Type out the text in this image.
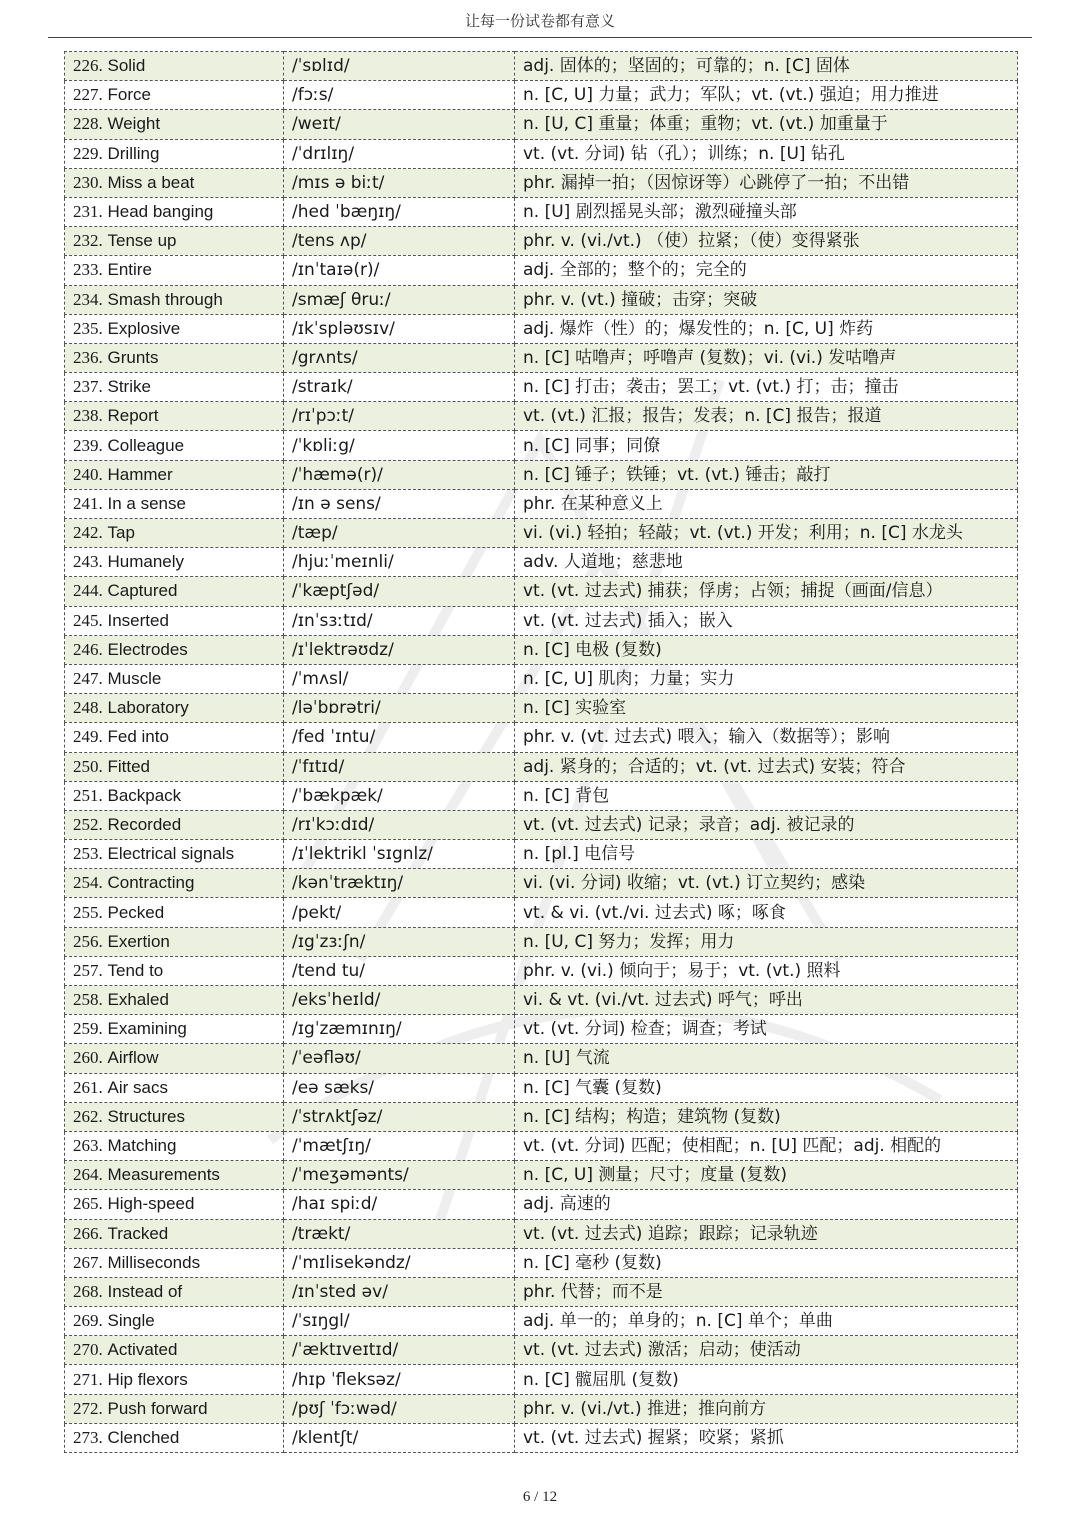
让每一份试卷都有意义
226. Solid	/ˈsɒlɪd/	adj. 固体的；坚固的；可靠的；n. [C] 固体
227. Force	/fɔːs/	n. [C, U] 力量；武力；军队；vt. (vt.) 强迫；用力推进
228. Weight	/weɪt/	n. [U, C] 重量；体重；重物；vt. (vt.) 加重量于
229. Drilling	/ˈdrɪlɪŋ/	vt. (vt. 分词) 钻（孔）；训练；n. [U] 钻孔
230. Miss a beat	/mɪs ə biːt/	phr. 漏掉一拍；（因惊讶等）心跳停了一拍；不出错
231. Head banging	/hed ˈbæŋɪŋ/	n. [U] 剧烈摇晃头部；激烈碰撞头部
232. Tense up	/tens ʌp/	phr. v. (vi./vt.) （使）拉紧；（使）变得紧张
233. Entire	/ɪnˈtaɪə(r)/	adj. 全部的；整个的；完全的
234. Smash through	/smæʃ θruː/	phr. v. (vt.) 撞破；击穿；突破
235. Explosive	/ɪkˈspləʊsɪv/	adj. 爆炸（性）的；爆发性的；n. [C, U] 炸药
236. Grunts	/grʌnts/	n. [C] 咕噜声；呼噜声 (复数)；vi. (vi.) 发咕噜声
237. Strike	/straɪk/	n. [C] 打击；袭击；罢工；vt. (vt.) 打；击；撞击
238. Report	/rɪˈpɔːt/	vt. (vt.) 汇报；报告；发表；n. [C] 报告；报道
239. Colleague	/ˈkɒliːg/	n. [C] 同事；同僚
240. Hammer	/ˈhæmə(r)/	n. [C] 锤子；铁锤；vt. (vt.) 锤击；敲打
241. In a sense	/ɪn ə sens/	phr. 在某种意义上
242. Tap	/tæp/	vi. (vi.) 轻拍；轻敲；vt. (vt.) 开发；利用；n. [C] 水龙头
243. Humanely	/hjuːˈmeɪnli/	adv. 人道地；慈悲地
244. Captured	/ˈkæptʃəd/	vt. (vt. 过去式) 捕获；俘虏；占领；捕捉（画面/信息）
245. Inserted	/ɪnˈsɜːtɪd/	vt. (vt. 过去式) 插入；嵌入
246. Electrodes	/ɪˈlektrəʊdz/	n. [C] 电极 (复数)
247. Muscle	/ˈmʌsl/	n. [C, U] 肌肉；力量；实力
248. Laboratory	/ləˈbɒrətri/	n. [C] 实验室
249. Fed into	/fed ˈɪntu/	phr. v. (vt. 过去式) 喂入；输入（数据等）；影响
250. Fitted	/ˈfɪtɪd/	adj. 紧身的；合适的；vt. (vt. 过去式) 安装；符合
251. Backpack	/ˈbækpæk/	n. [C] 背包
252. Recorded	/rɪˈkɔːdɪd/	vt. (vt. 过去式) 记录；录音；adj. 被记录的
253. Electrical signals	/ɪˈlektrikl ˈsɪgnlz/	n. [pl.] 电信号
254. Contracting	/kənˈtræktɪŋ/	vi. (vi. 分词) 收缩；vt. (vt.) 订立契约；感染
255. Pecked	/pekt/	vt. & vi. (vt./vi. 过去式) 啄；啄食
256. Exertion	/ɪgˈzɜːʃn/	n. [U, C] 努力；发挥；用力
257. Tend to	/tend tu/	phr. v. (vi.) 倾向于；易于；vt. (vt.) 照料
258. Exhaled	/eksˈheɪld/	vi. & vt. (vi./vt. 过去式) 呼气；呼出
259. Examining	/ɪgˈzæmɪnɪŋ/	vt. (vt. 分词) 检查；调查；考试
260. Airflow	/ˈeəfləʊ/	n. [U] 气流
261. Air sacs	/eə sæks/	n. [C] 气囊 (复数)
262. Structures	/ˈstrʌktʃəz/	n. [C] 结构；构造；建筑物 (复数)
263. Matching	/ˈmætʃɪŋ/	vt. (vt. 分词) 匹配；使相配；n. [U] 匹配；adj. 相配的
264. Measurements	/ˈmeʒəmənts/	n. [C, U] 测量；尺寸；度量 (复数)
265. High-speed	/haɪ spiːd/	adj. 高速的
266. Tracked	/trækt/	vt. (vt. 过去式) 追踪；跟踪；记录轨迹
267. Milliseconds	/ˈmɪlisekəndz/	n. [C] 毫秒 (复数)
268. Instead of	/ɪnˈsted əv/	phr. 代替；而不是
269. Single	/ˈsɪŋgl/	adj. 单一的；单身的；n. [C] 单个；单曲
270. Activated	/ˈæktɪveɪtɪd/	vt. (vt. 过去式) 激活；启动；使活动
271. Hip flexors	/hɪp ˈfleksəz/	n. [C] 髋屈肌 (复数)
272. Push forward	/pʊʃ ˈfɔːwəd/	phr. v. (vi./vt.) 推进；推向前方
273. Clenched	/klentʃt/	vt. (vt. 过去式) 握紧；咬紧；紧抓
6 / 12
